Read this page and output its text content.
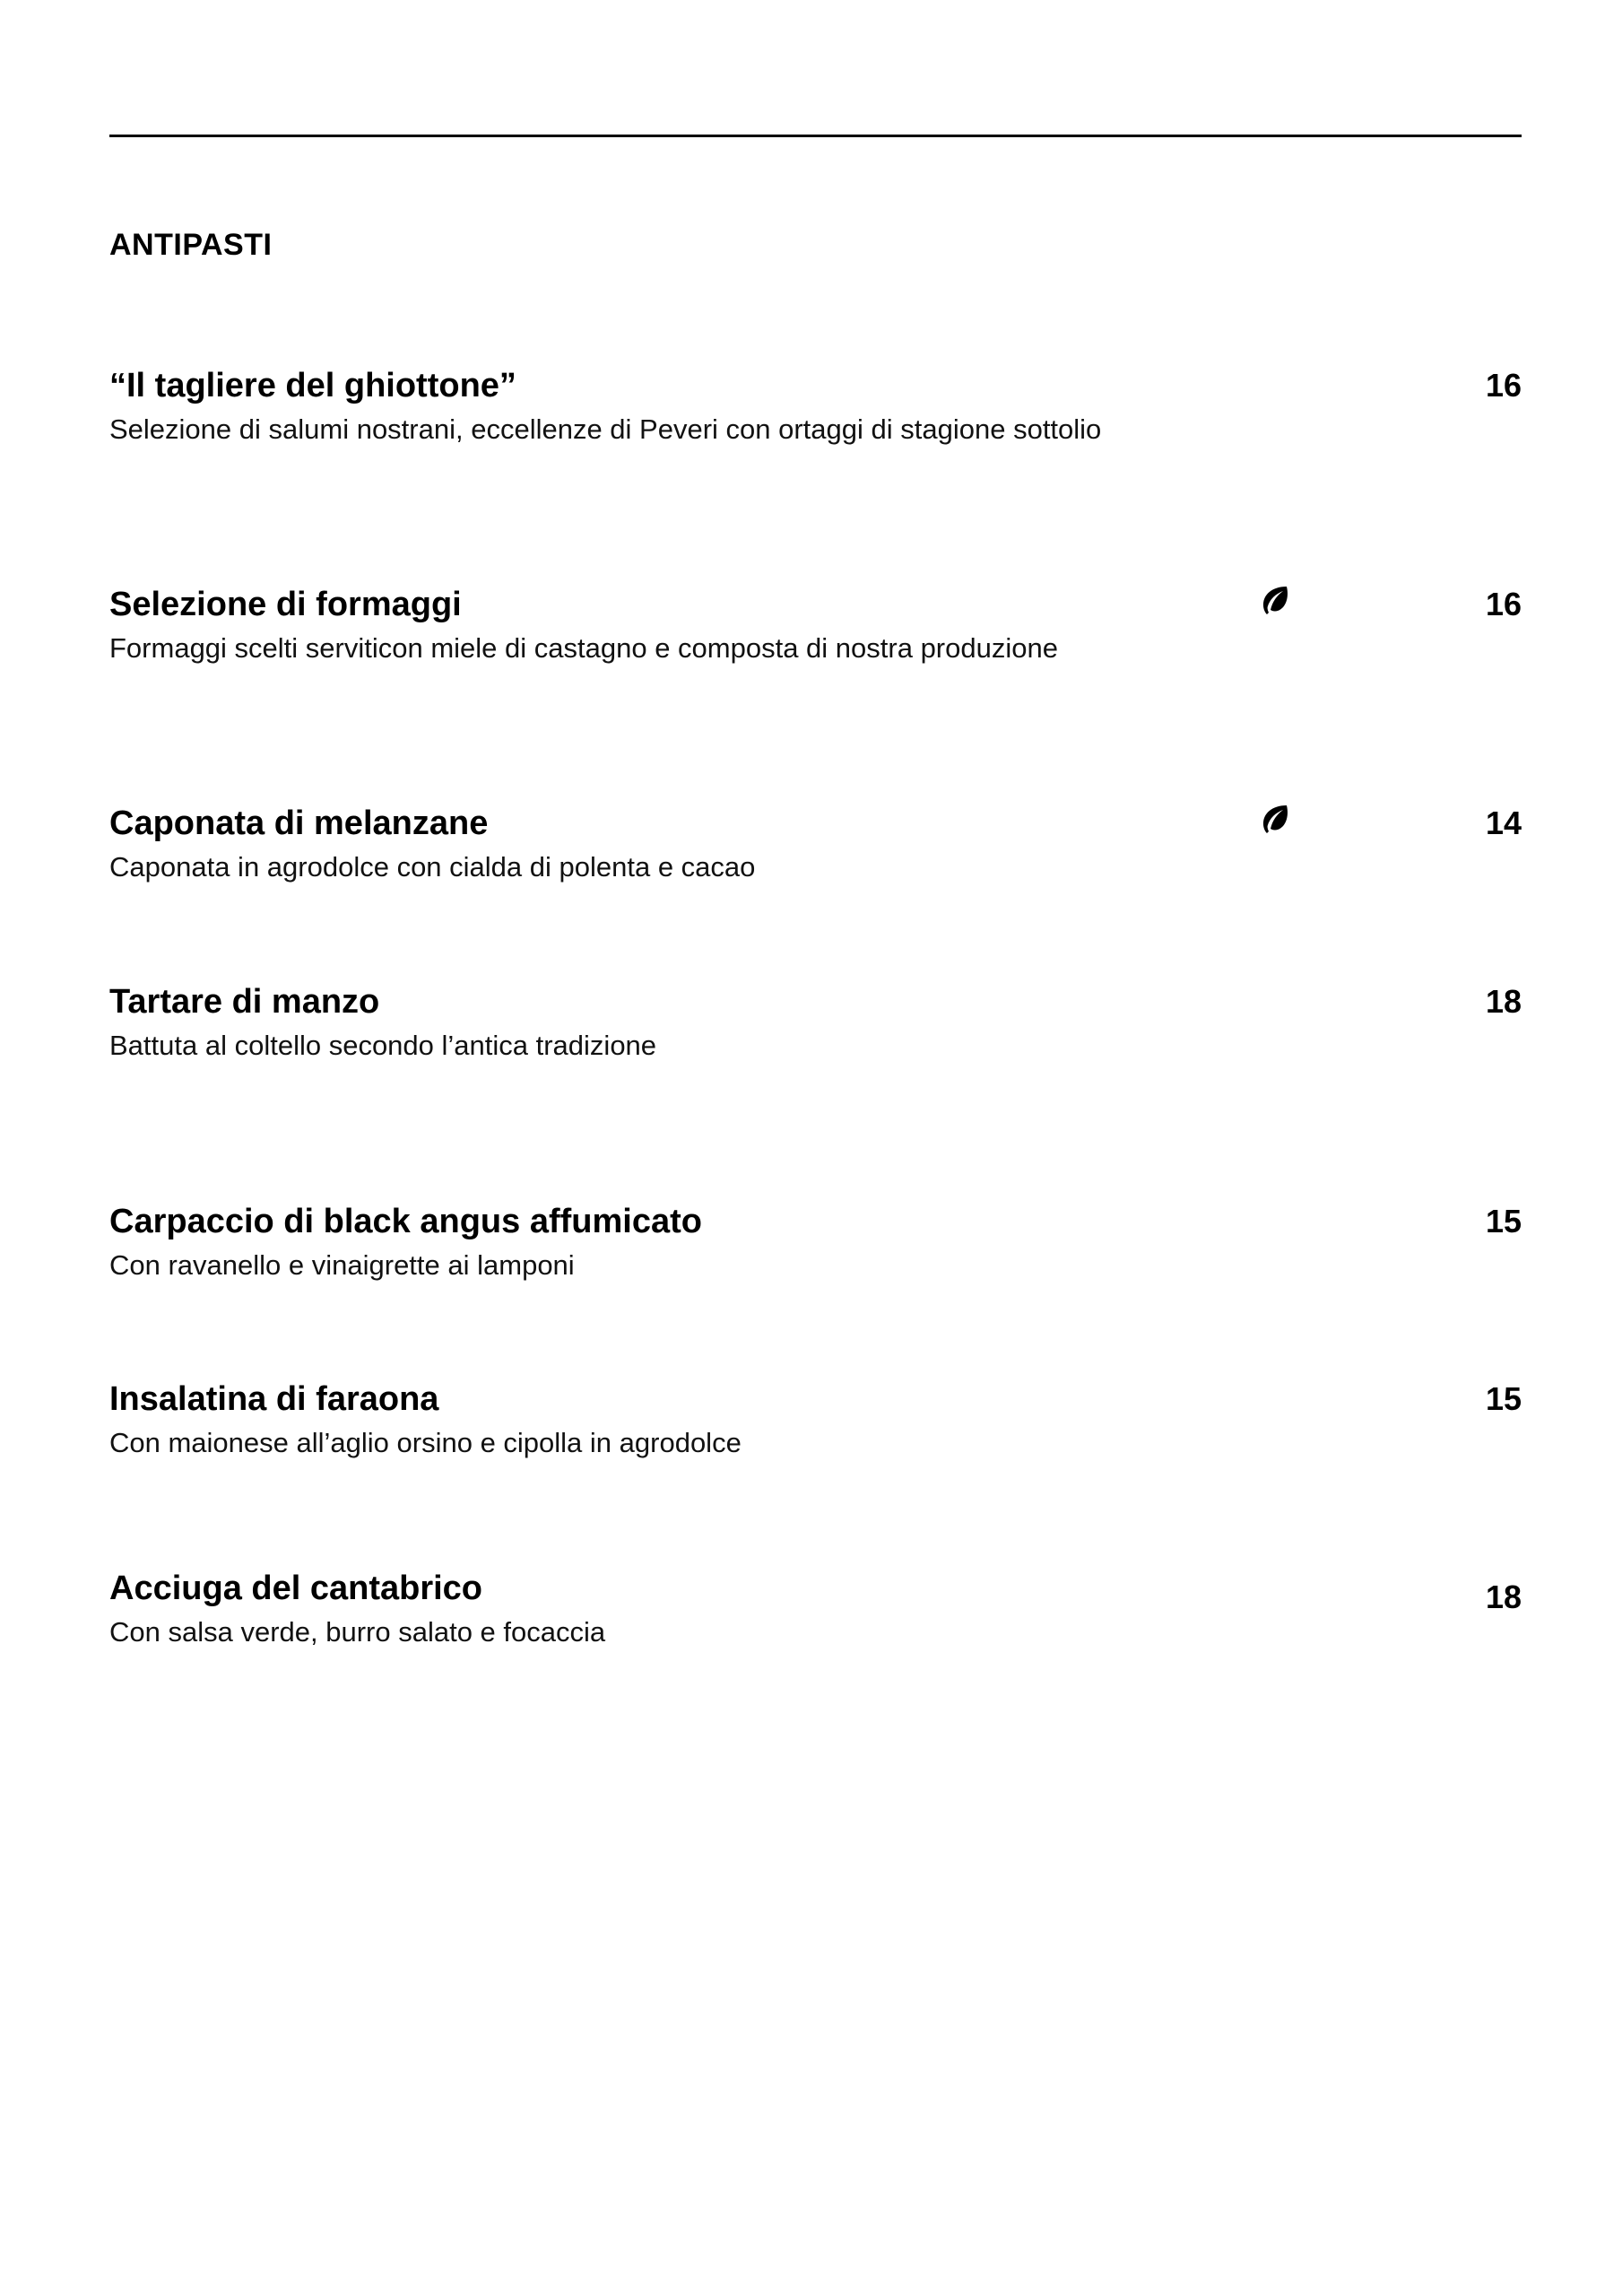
ANTIPASTI
“Il tagliere del ghiottone”
Selezione di salumi nostrani, eccellenze di Peveri con ortaggi di stagione sottolio
16
Selezione di formaggi
Formaggi scelti serviticon miele di castagno e composta di nostra produzione
16
Caponata di melanzane
Caponata in agrodolce con cialda di polenta e cacao
14
Tartare di manzo
Battuta al coltello secondo l’antica tradizione
18
Carpaccio di black angus affumicato
Con ravanello e vinaigrette ai lamponi
15
Insalatina di faraona
Con maionese all’aglio orsino e cipolla in agrodolce
15
Acciuga del cantabrico
Con salsa verde, burro salato e focaccia
18
